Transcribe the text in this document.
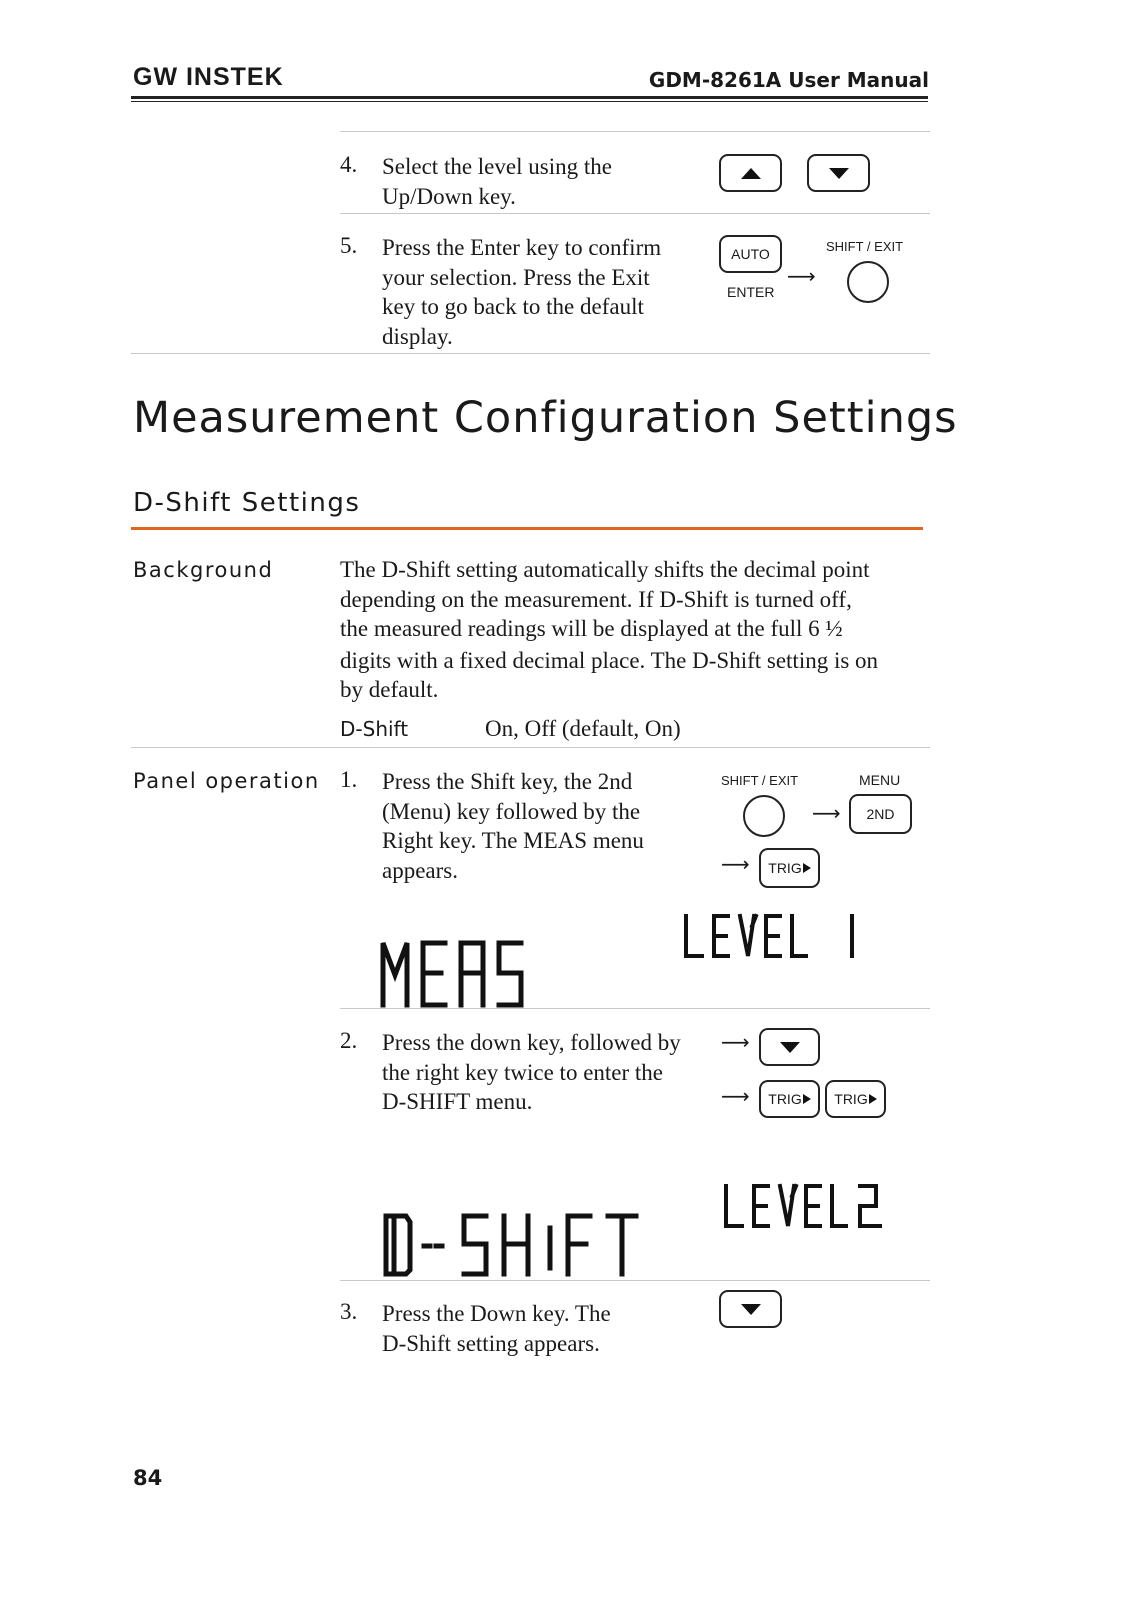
GW INSTEK	GDM-8261A User Manual
4. Select the level using the
Up/Down key.
5. Press the Enter key to confirm
your selection. Press the Exit
key to go back to the default
display.
AUTO
ENTER
⟶
SHIFT / EXIT
Measurement Configuration Settings
D-Shift Settings
Background	The D-Shift setting automatically shifts the decimal point
depending on the measurement. If D-Shift is turned off,
the measured readings will be displayed at the full 6 ½
digits with a fixed decimal place. The D-Shift setting is on
by default.
D-Shift	On, Off (default, On)
Panel operation 1. Press the Shift key, the 2nd
(Menu) key followed by the
Right key. The MEAS menu
appears.
SHIFT / EXIT	MENU
⟶ 2ND
⟶ TRIG
MEAS
LEVEL 1
2. Press the down key, followed by
the right key twice to enter the
D-SHIFT menu.
⟶
⟶ TRIG TRIG
D-SHIFT
LEVEL2
3. Press the Down key. The
D-Shift setting appears.
84
